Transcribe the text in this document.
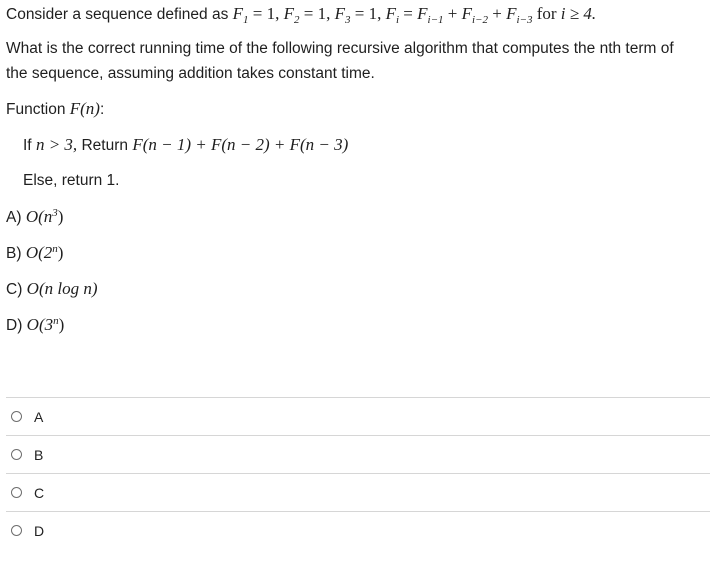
Consider a sequence defined as $F_1 = 1$, $F_2 = 1$, $F_3 = 1$, $F_i = F_{i-1} + F_{i-2} + F_{i-3}$ for i ≥ 4.
What is the correct running time of the following recursive algorithm that computes the nth term of
the sequence, assuming addition takes constant time.
Function F(n):
If n > 3, Return F(n − 1) + F(n − 2) + F(n − 3)
Else, return 1.
A) $O(n^3)$
B) O(2$^n$)
C) O(n log n)
D) O(3$^n$)
A
B
C
D
